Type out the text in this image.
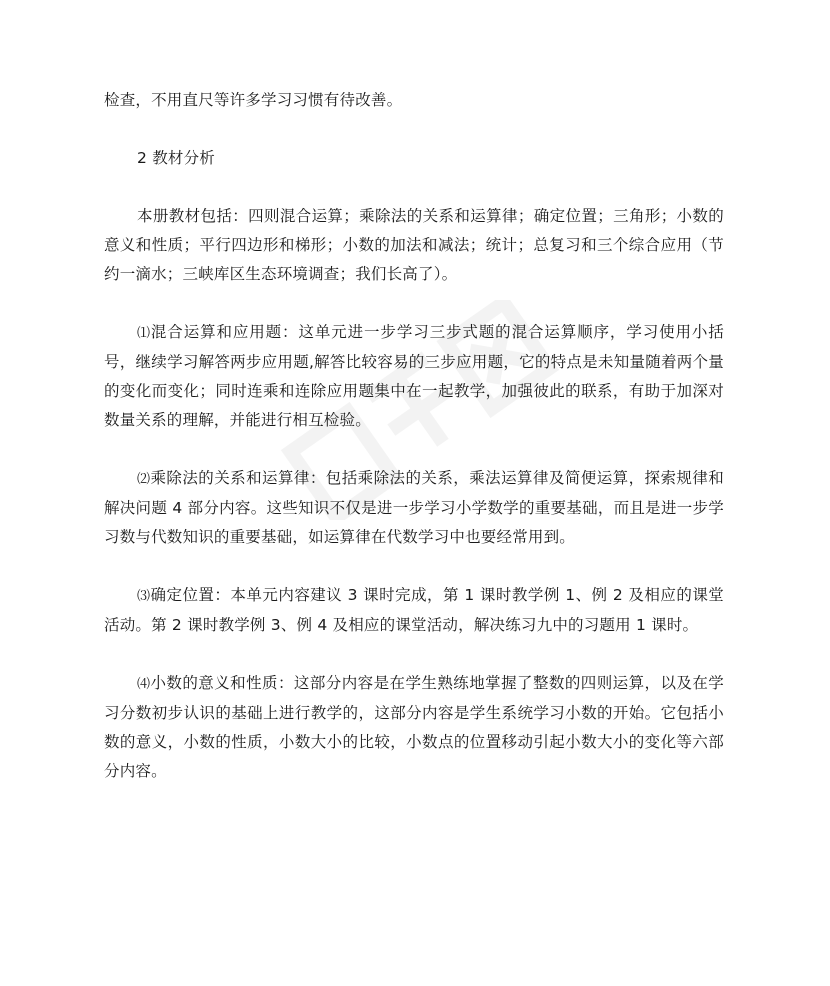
检查，不用直尺等许多学习习惯有待改善。

2 教材分析

本册教材包括：四则混合运算；乘除法的关系和运算律；确定位置；三角形；小数的意义和性质；平行四边形和梯形；小数的加法和减法；统计；总复习和三个综合应用（节约一滴水；三峡库区生态环境调查；我们长高了）。

⑴混合运算和应用题：这单元进一步学习三步式题的混合运算顺序，学习使用小括号，继续学习解答两步应用题,解答比较容易的三步应用题，它的特点是未知量随着两个量的变化而变化；同时连乘和连除应用题集中在一起教学，加强彼此的联系，有助于加深对数量关系的理解，并能进行相互检验。

⑵乘除法的关系和运算律：包括乘除法的关系，乘法运算律及简便运算，探索规律和解决问题 4 部分内容。这些知识不仅是进一步学习小学数学的重要基础，而且是进一步学习数与代数知识的重要基础，如运算律在代数学习中也要经常用到。

⑶确定位置：本单元内容建议 3 课时完成，第 1 课时教学例 1、例 2 及相应的课堂活动。第 2 课时教学例 3、例 4 及相应的课堂活动，解决练习九中的习题用 1 课时。

⑷小数的意义和性质：这部分内容是在学生熟练地掌握了整数的四则运算，以及在学习分数初步认识的基础上进行教学的，这部分内容是学生系统学习小数的开始。它包括小数的意义，小数的性质，小数大小的比较，小数点的位置移动引起小数大小的变化等六部分内容。
